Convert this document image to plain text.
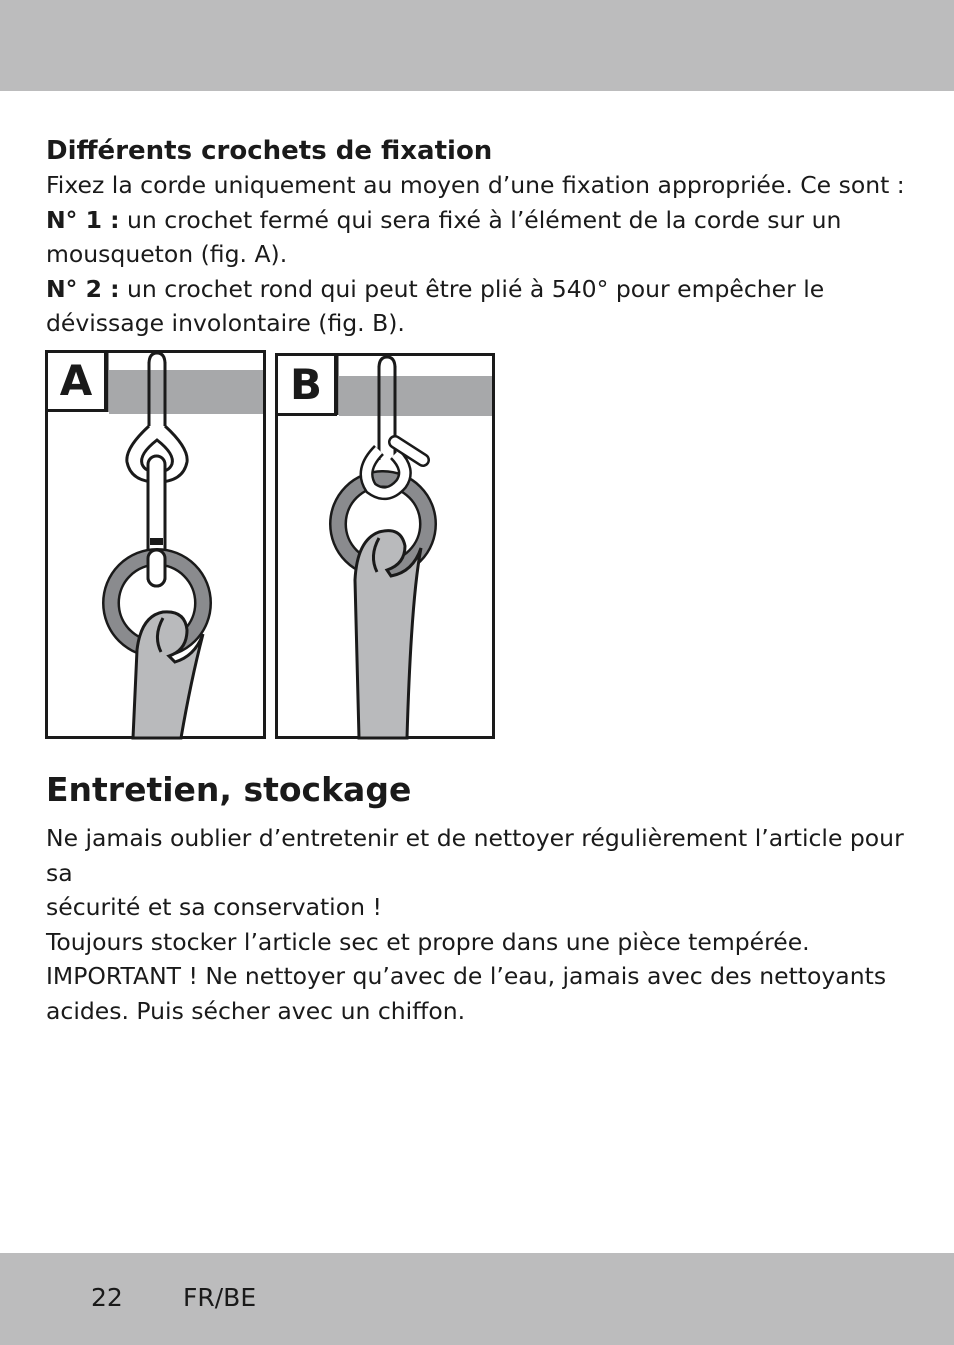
Différents crochets de fixation

Fixez la corde uniquement au moyen d’une fixation appropriée. Ce sont :

N° 1 : un crochet fermé qui sera fixé à l’élément de la corde sur un

mousqueton (fig. A).

N° 2 : un crochet rond qui peut être plié à 540° pour empêcher le

dévissage involontaire (fig. B).

A	B
Entretien, stockage

Ne jamais oublier d’entretenir et de nettoyer régulièrement l’article pour sa

sécurité et sa conservation !

Toujours stocker l’article sec et propre dans une pièce tempérée.

IMPORTANT ! Ne nettoyer qu’avec de l’eau, jamais avec des nettoyants

acides. Puis sécher avec un chiffon.

22 FR/BE
